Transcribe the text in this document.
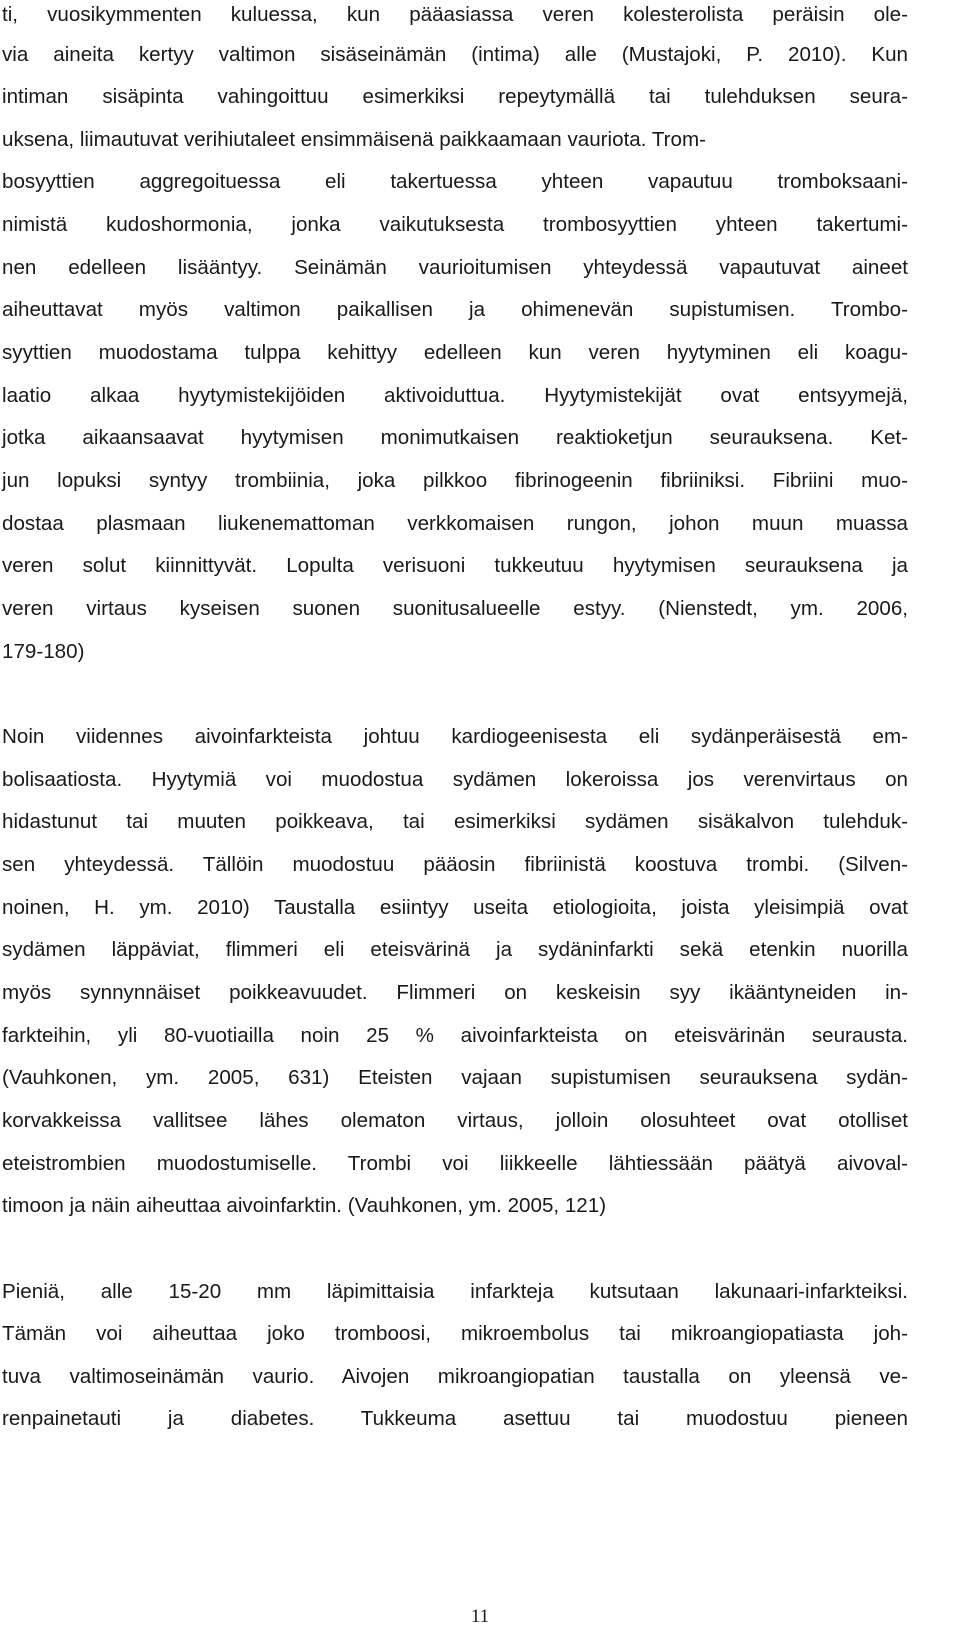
ti, vuosikymmenten kuluessa, kun pääasiassa veren kolesterolista peräisin ole-

via aineita kertyy valtimon sisäseinämän (intima) alle (Mustajoki, P. 2010). Kun

intiman sisäpinta vahingoittuu esimerkiksi repeytymällä tai tulehduksen seura-

uksena, liimautuvat verihiutaleet ensimmäisenä paikkaamaan vauriota. Trom-

bosyyttien aggregoituessa eli takertuessa yhteen vapautuu tromboksaani-

nimistä kudoshormonia, jonka vaikutuksesta trombosyyttien yhteen takertumi-

nen edelleen lisääntyy. Seinämän vaurioitumisen yhteydessä vapautuvat aineet

aiheuttavat myös valtimon paikallisen ja ohimenevän supistumisen. Trombo-

syyttien muodostama tulppa kehittyy edelleen kun veren hyytyminen eli koagu-

laatio alkaa hyytymistekijöiden aktivoiduttua. Hyytymistekijät ovat entsyymejä,

jotka aikaansaavat hyytymisen monimutkaisen reaktioketjun seurauksena. Ket-

jun lopuksi syntyy trombiinia, joka pilkkoo fibrinogeenin fibriiniksi. Fibriini muo-

dostaa plasmaan liukenemattoman verkkomaisen rungon, johon muun muassa

veren solut kiinnittyvät. Lopulta verisuoni tukkeutuu hyytymisen seurauksena ja

veren virtaus kyseisen suonen suonitusalueelle estyy. (Nienstedt, ym. 2006,

179-180)

Noin viidennes aivoinfarkteista johtuu kardiogeenisesta eli sydänperäisestä em-

bolisaatiosta. Hyytymiä voi muodostua sydämen lokeroissa jos verenvirtaus on

hidastunut tai muuten poikkeava, tai esimerkiksi sydämen sisäkalvon tulehduk-

sen yhteydessä. Tällöin muodostuu pääosin fibriinistä koostuva trombi. (Silven-

noinen, H. ym. 2010) Taustalla esiintyy useita etiologioita, joista yleisimpiä ovat

sydämen läppäviat, flimmeri eli eteisvärinä ja sydäninfarkti sekä etenkin nuorilla

myös synnynnäiset poikkeavuudet. Flimmeri on keskeisin syy ikääntyneiden in-

farkteihin, yli 80-vuotiailla noin 25 % aivoinfarkteista on eteisvärinän seurausta.

(Vauhkonen, ym. 2005, 631) Eteisten vajaan supistumisen seurauksena sydän-

korvakkeissa vallitsee lähes olematon virtaus, jolloin olosuhteet ovat otolliset

eteistrombien muodostumiselle. Trombi voi liikkeelle lähtiessään päätyä aivoval-

timoon ja näin aiheuttaa aivoinfarktin. (Vauhkonen, ym. 2005, 121)

Pieniä, alle 15-20 mm läpimittaisia infarkteja kutsutaan lakunaari-infarkteiksi.

Tämän voi aiheuttaa joko tromboosi, mikroembolus tai mikroangiopatiasta joh-

tuva valtimoseinämän vaurio. Aivojen mikroangiopatian taustalla on yleensä ve-

renpainetauti ja diabetes. Tukkeuma asettuu tai muodostuu pieneen

11
